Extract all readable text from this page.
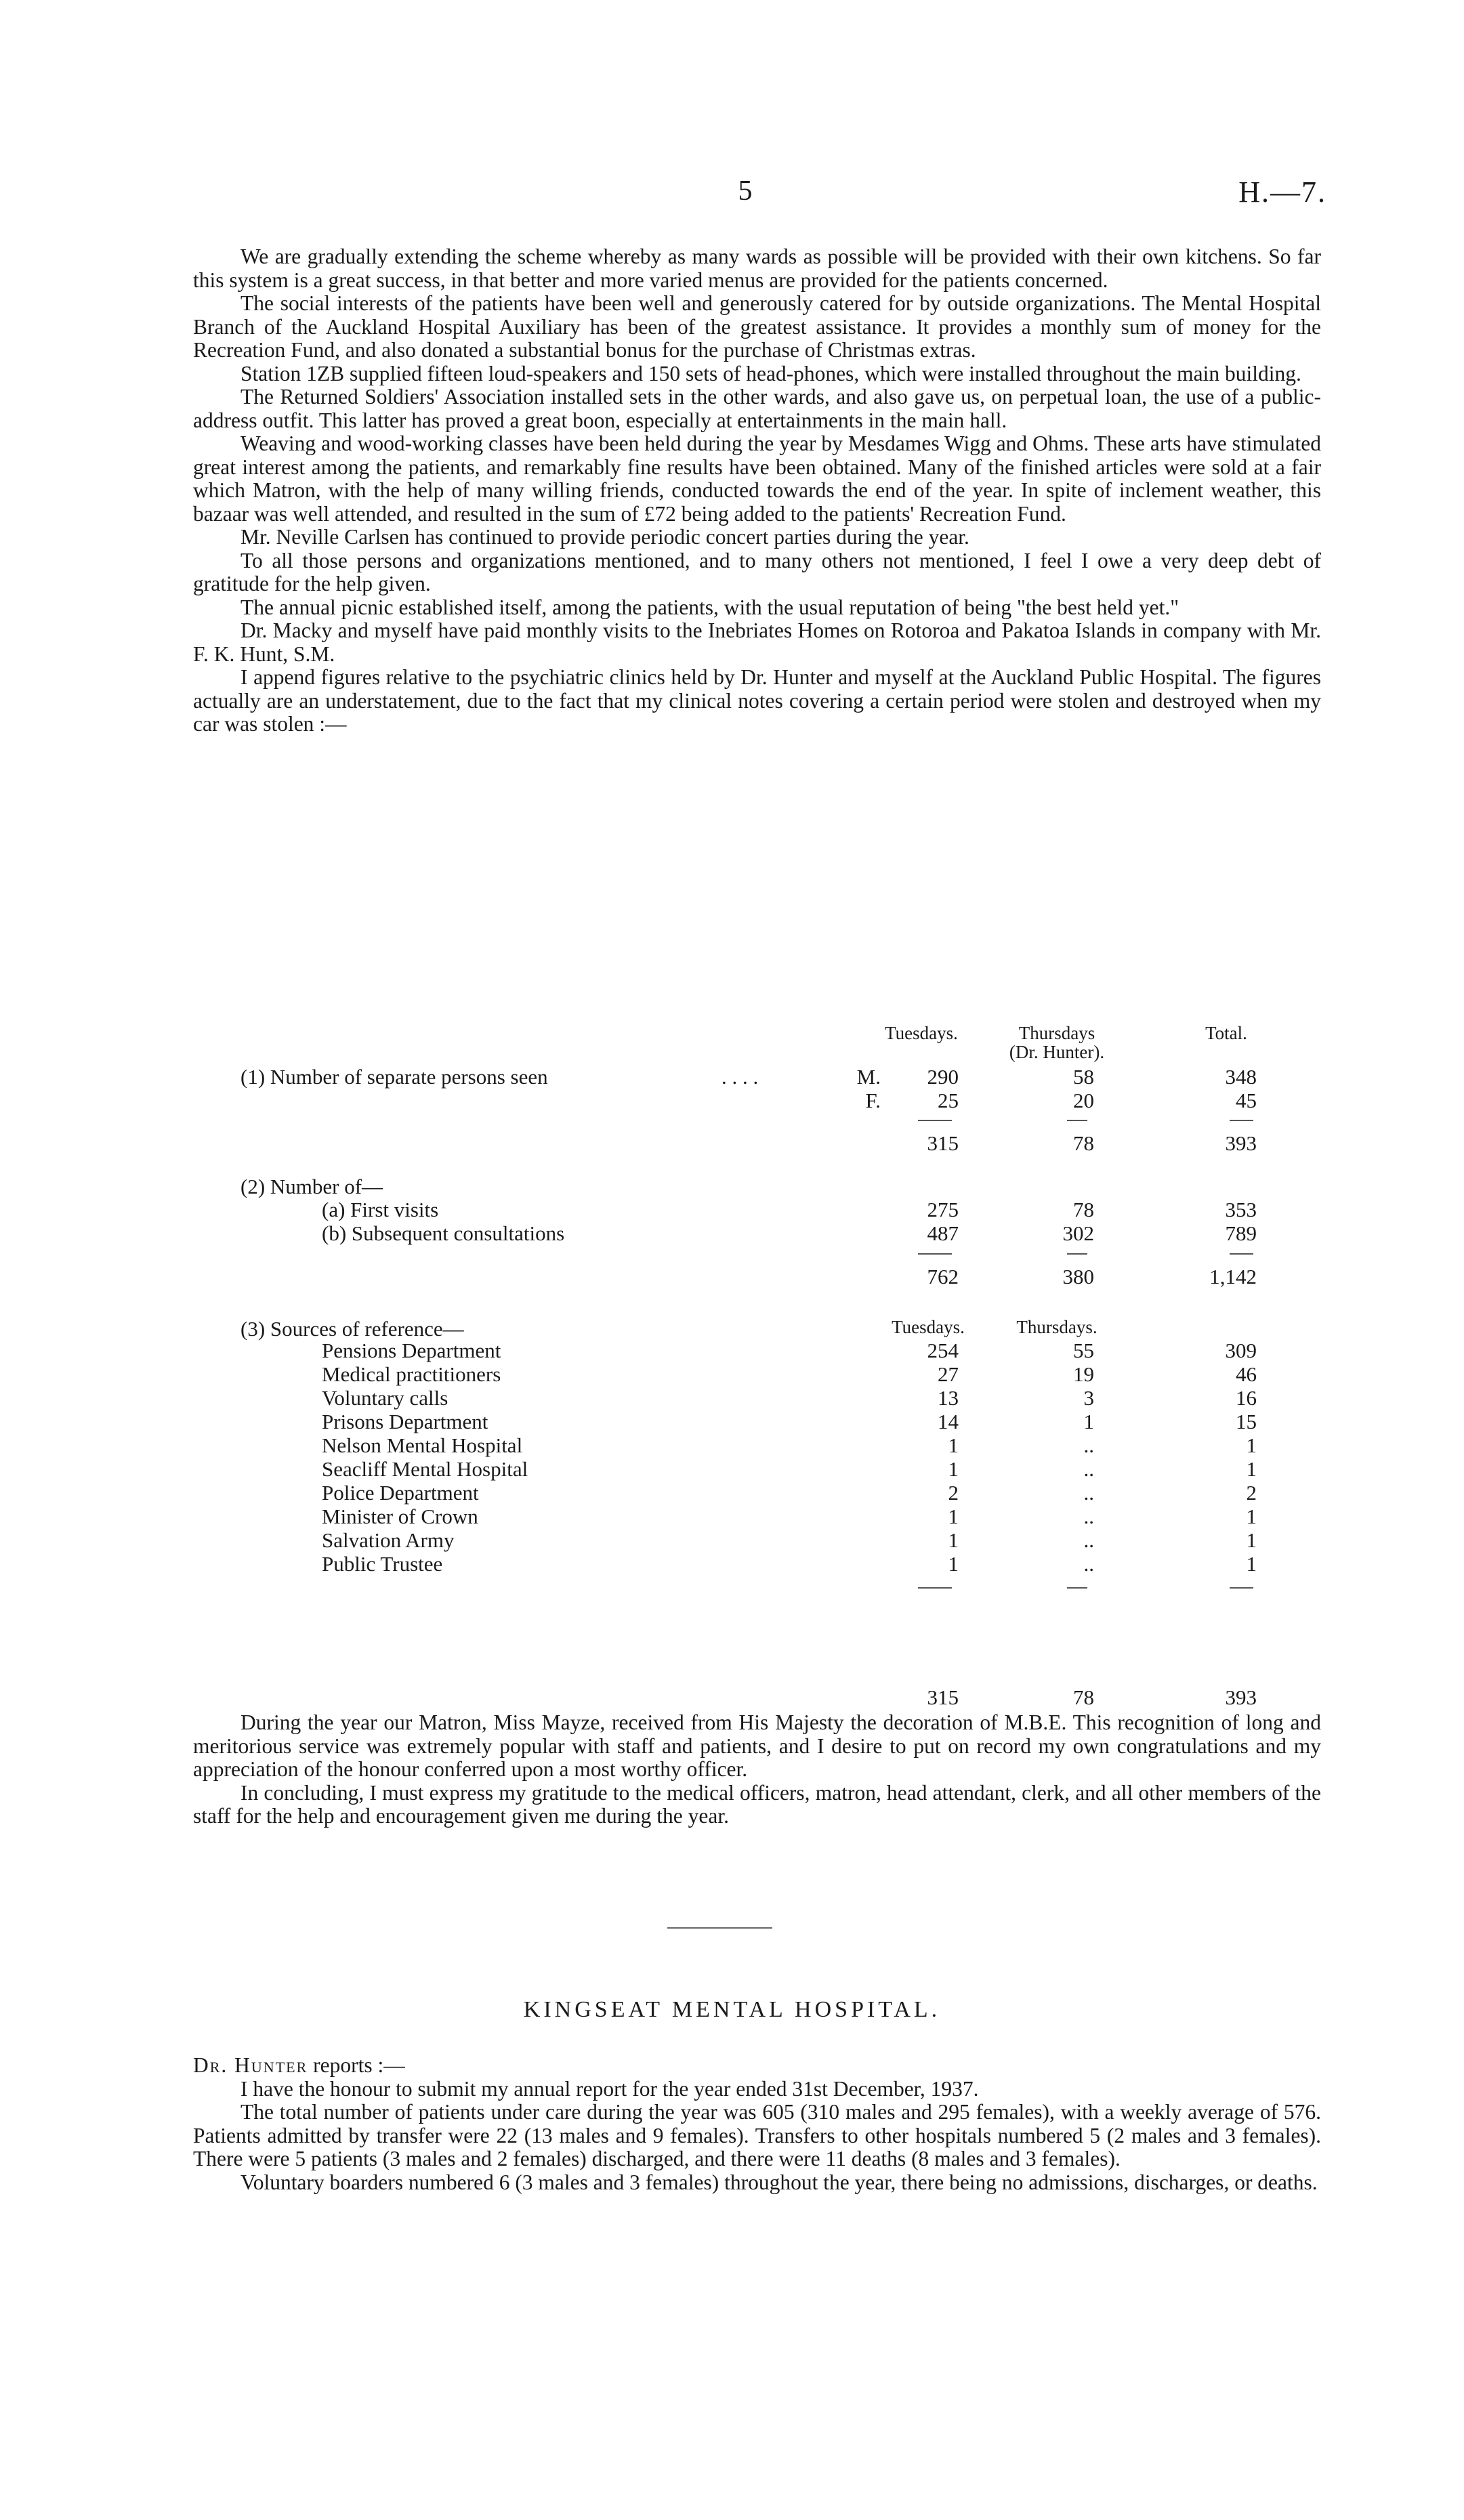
5	H.—7.

We are gradually extending the scheme whereby as many wards as possible will be provided with their own kitchens. So far this system is a great success, in that better and more varied menus are provided for the patients concerned.

The social interests of the patients have been well and generously catered for by outside organizations. The Mental Hospital Branch of the Auckland Hospital Auxiliary has been of the greatest assistance. It provides a monthly sum of money for the Recreation Fund, and also donated a substantial bonus for the purchase of Christmas extras.

Station 1ZB supplied fifteen loud-speakers and 150 sets of head-phones, which were installed throughout the main building.

The Returned Soldiers' Association installed sets in the other wards, and also gave us, on perpetual loan, the use of a public-address outfit. This latter has proved a great boon, especially at entertainments in the main hall.

Weaving and wood-working classes have been held during the year by Mesdames Wigg and Ohms. These arts have stimulated great interest among the patients, and remarkably fine results have been obtained. Many of the finished articles were sold at a fair which Matron, with the help of many willing friends, conducted towards the end of the year. In spite of inclement weather, this bazaar was well attended, and resulted in the sum of £72 being added to the patients' Recreation Fund.

Mr. Neville Carlsen has continued to provide periodic concert parties during the year.

To all those persons and organizations mentioned, and to many others not mentioned, I feel I owe a very deep debt of gratitude for the help given.

The annual picnic established itself, among the patients, with the usual reputation of being "the best held yet."

Dr. Macky and myself have paid monthly visits to the Inebriates Homes on Rotoroa and Pakatoa Islands in company with Mr. F. K. Hunt, S.M.

I append figures relative to the psychiatric clinics held by Dr. Hunter and myself at the Auckland Public Hospital. The figures actually are an understatement, due to the fact that my clinical notes covering a certain period were stolen and destroyed when my car was stolen :—

Tuesdays.	Thursdays	Total.
(Dr. Hunter).
(1) Number of separate persons seen	. . . .	M.	290	58	348
F.	25	20	45
315	78	393
(2) Number of—
(a) First visits	275	78	353
(b) Subsequent consultations	487	302	789
762	380	1,142
(3) Sources of reference—	Tuesdays.	Thursdays.
Pensions Department	254	55	309
Medical practitioners	27	19	46
Voluntary calls	13	3	16
Prisons Department	14	1	15
Nelson Mental Hospital	1	..	1
Seacliff Mental Hospital	1	..	1
Police Department	2	..	2
Minister of Crown	1	..	1
Salvation Army	1	..	1
Public Trustee	1	..	1
315	78	393

During the year our Matron, Miss Mayze, received from His Majesty the decoration of M.B.E. This recognition of long and meritorious service was extremely popular with staff and patients, and I desire to put on record my own congratulations and my appreciation of the honour conferred upon a most worthy officer.

In concluding, I must express my gratitude to the medical officers, matron, head attendant, clerk, and all other members of the staff for the help and encouragement given me during the year.

KINGSEAT MENTAL HOSPITAL.

Dr. Hunter reports :—

I have the honour to submit my annual report for the year ended 31st December, 1937.

The total number of patients under care during the year was 605 (310 males and 295 females), with a weekly average of 576. Patients admitted by transfer were 22 (13 males and 9 females). Transfers to other hospitals numbered 5 (2 males and 3 females). There were 5 patients (3 males and 2 females) discharged, and there were 11 deaths (8 males and 3 females).

Voluntary boarders numbered 6 (3 males and 3 females) throughout the year, there being no admissions, discharges, or deaths.
